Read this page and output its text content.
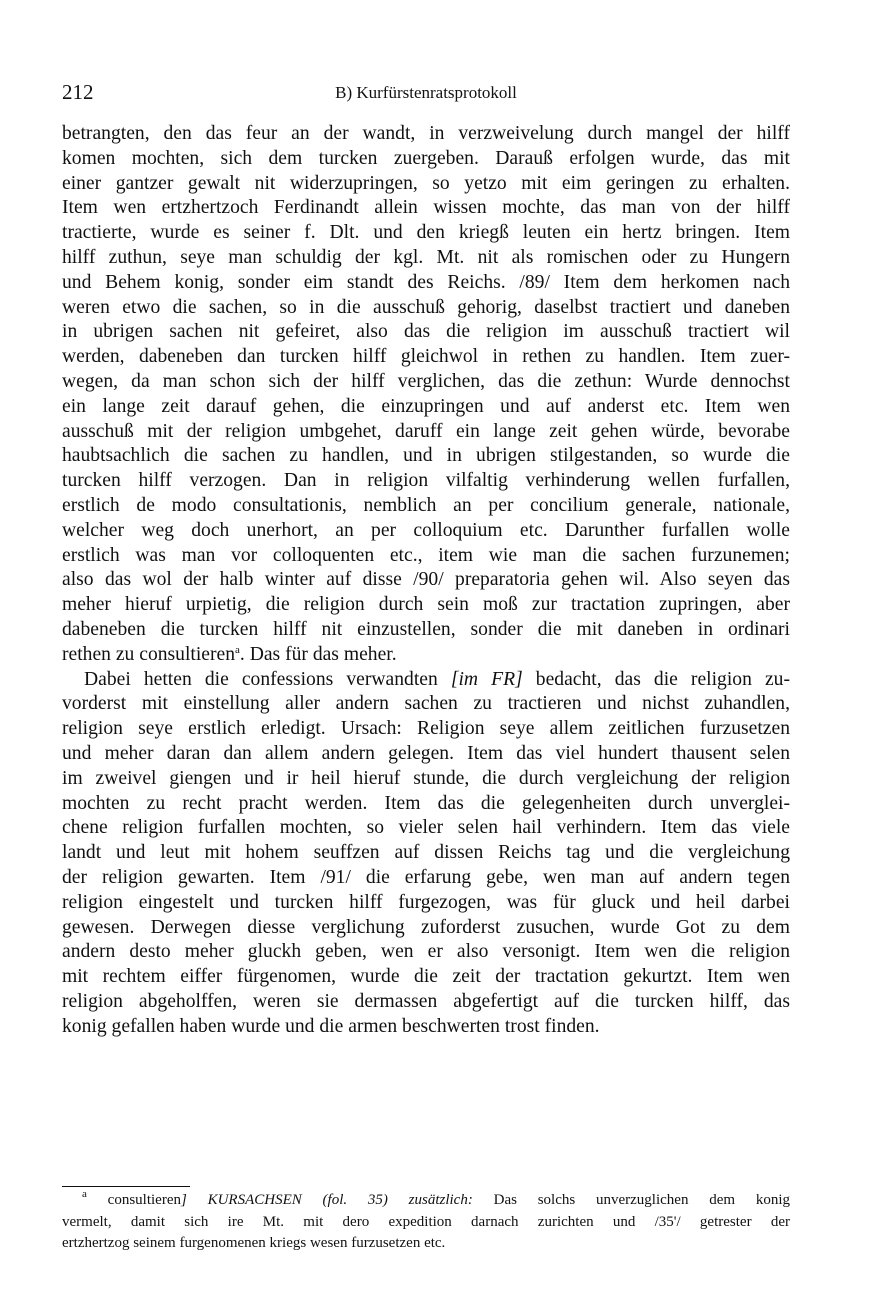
212	B) Kurfürstenratsprotokoll
betrangten, den das feur an der wandt, in verzweivelung durch mangel der hilff
komen mochten, sich dem turcken zuergeben. Darauß erfolgen wurde, das mit
einer gantzer gewalt nit widerzupringen, so yetzo mit eim geringen zu erhalten.
Item wen ertzhertzoch Ferdinandt allein wissen mochte, das man von der hilff
tractierte, wurde es seiner f. Dlt. und den kriegß leuten ein hertz bringen. Item
hilff zuthun, seye man schuldig der kgl. Mt. nit als romischen oder zu Hungern
und Behem konig, sonder eim standt des Reichs. /89/ Item dem herkomen nach
weren etwo die sachen, so in die ausschuß gehorig, daselbst tractiert und daneben
in ubrigen sachen nit gefeiret, also das die religion im ausschuß tractiert wil
werden, dabeneben dan turcken hilff gleichwol in rethen zu handlen. Item zuer-
wegen, da man schon sich der hilff verglichen, das die zethun: Wurde dennochst
ein lange zeit darauf gehen, die einzupringen und auf anderst etc. Item wen
ausschuß mit der religion umbgehet, daruff ein lange zeit gehen würde, bevorabe
haubtsachlich die sachen zu handlen, und in ubrigen stilgestanden, so wurde die
turcken hilff verzogen. Dan in religion vilfaltig verhinderung wellen furfallen,
erstlich de modo consultationis, nemblich an per concilium generale, nationale,
welcher weg doch unerhort, an per colloquium etc. Darunther furfallen wolle
erstlich was man vor colloquenten etc., item wie man die sachen furzunemen;
also das wol der halb winter auf disse /90/ preparatoria gehen wil. Also seyen das
meher hieruf urpietig, die religion durch sein moß zur tractation zupringen, aber
dabeneben die turcken hilff nit einzustellen, sonder die mit daneben in ordinari
rethen zu consultieren$^a$. Das für das meher.
Dabei hetten die confessions verwandten [im FR] bedacht, das die religion zu-
vorderst mit einstellung aller andern sachen zu tractieren und nichst zuhandlen,
religion seye erstlich erledigt. Ursach: Religion seye allem zeitlichen furzusetzen
und meher daran dan allem andern gelegen. Item das viel hundert thausent selen
im zweivel giengen und ir heil hieruf stunde, die durch vergleichung der religion
mochten zu recht pracht werden. Item das die gelegenheiten durch unverglei-
chene religion furfallen mochten, so vieler selen hail verhindern. Item das viele
landt und leut mit hohem seuffzen auf dissen Reichs tag und die vergleichung
der religion gewarten. Item /91/ die erfarung gebe, wen man auf andern tegen
religion eingestelt und turcken hilff furgezogen, was für gluck und heil darbei
gewesen. Derwegen diesse verglichung zuforderst zusuchen, wurde Got zu dem
andern desto meher gluckh geben, wen er also versonigt. Item wen die religion
mit rechtem eiffer fürgenomen, wurde die zeit der tractation gekurtzt. Item wen
religion abgeholffen, weren sie dermassen abgefertigt auf die turcken hilff, das
konig gefallen haben wurde und die armen beschwerten trost finden.
$^a$ consultieren] KURSACHSEN (fol. 35) zusätzlich: Das solchs unverzuglichen dem konig
vermelt, damit sich ire Mt. mit dero expedition darnach zurichten und /35'/ getrester der
ertzhertzog seinem furgenomenen kriegs wesen furzusetzen etc.
